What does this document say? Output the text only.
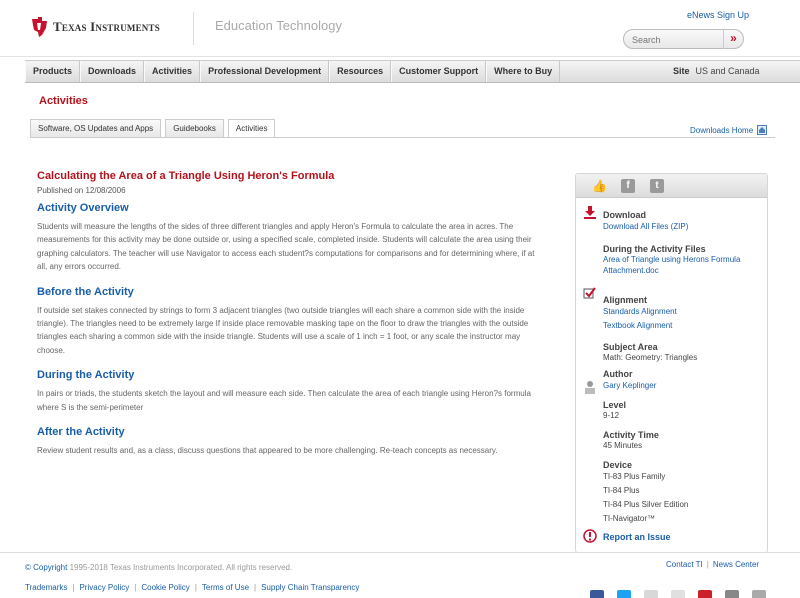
Texas Instruments	Education Technology
eNews Sign Up
Search
»
Products	Downloads	Activities	Professional Development	Resources	Customer Support	Where to Buy	Site US and Canada
Activities
Software, OS Updates and Apps	Guidebooks	Activities	Downloads Home
Calculating the Area of a Triangle Using Heron's Formula
Published on 12/08/2006
Activity Overview

Students will measure the lengths of the sides of three different triangles and apply Heron's Formula to calculate the area in acres. The measurements for this activity may be done outside or, using a specified scale, completed inside. Students will calculate the area using their graphing calculators. The teacher will use Navigator to access each student?s computations for comparisons and for determining where, if at all, any errors occurred.

Before the Activity

If outside set stakes connected by strings to form 3 adjacent triangles (two outside triangles will each share a common side with the inside triangle). The triangles need to be extremely large If inside place removable masking tape on the floor to draw the triangles with the outside triangles each sharing a common side with the inside triangle. Students will use a scale of 1 inch = 1 foot, or any scale the instructor may choose.

During the Activity

In pairs or triads, the students sketch the layout and will measure each side. Then calculate the area of each triangle using Heron?s formula where S is the semi-perimeter

After the Activity

Review student results and, as a class, discuss questions that appeared to be more challenging. Re-teach concepts as necessary.

👍	f	t
Download
Download All Files (ZIP)
During the Activity Files
Area of Triangle using Herons Formula Attachment.doc
Alignment
Standards Alignment
Textbook Alignment
Subject Area
Math: Geometry: Triangles
Author
Gary Keplinger
Level
9-12
Activity Time
45 Minutes
Device
TI-83 Plus Family
TI-84 Plus
TI-84 Plus Silver Edition
TI-Navigator™
Report an Issue
© Copyright 1995-2018 Texas Instruments Incorporated. All rights reserved.	Contact TI | News Center
Trademarks | Privacy Policy | Cookie Policy | Terms of Use | Supply Chain Transparency
